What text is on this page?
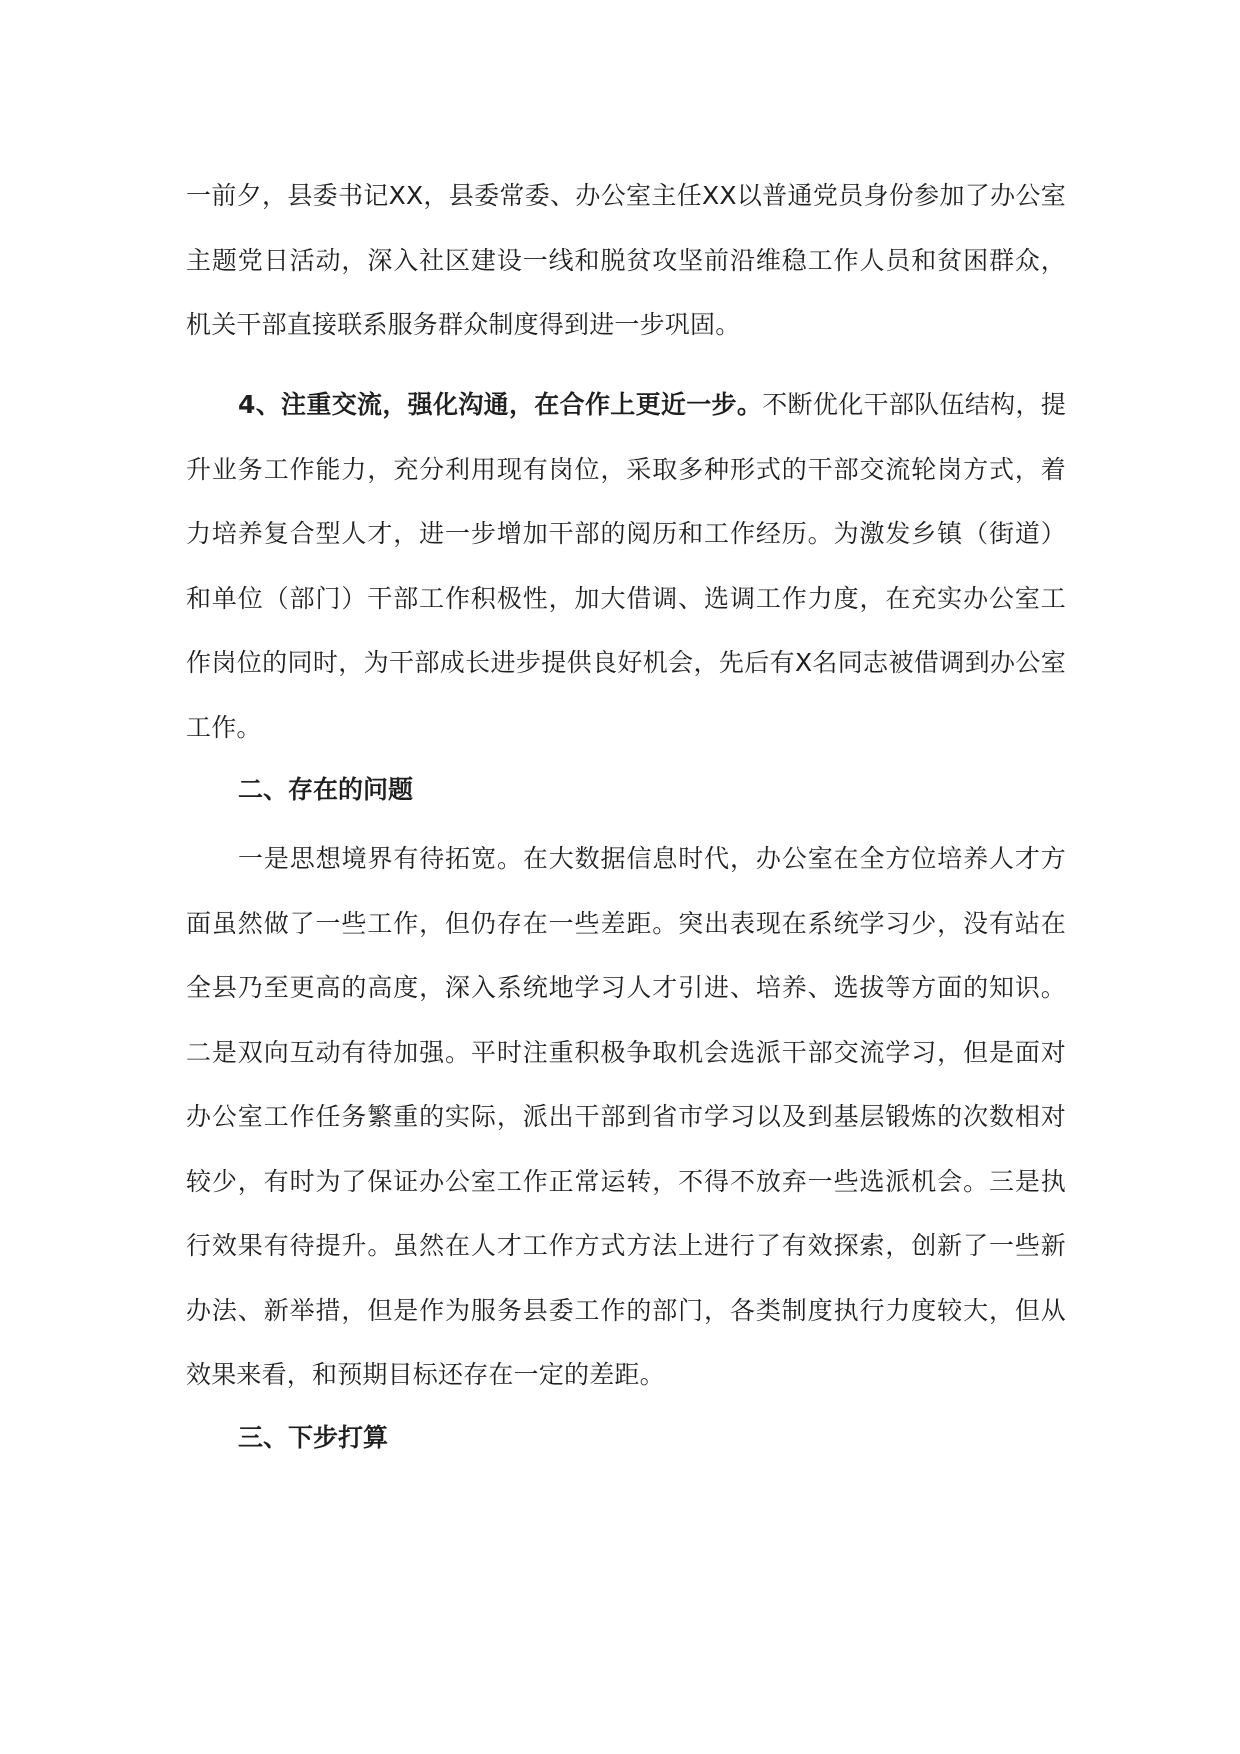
一前夕，县委书记XX，县委常委、办公室主任XX以普通党员身份参加了办公室主题党日活动，深入社区建设一线和脱贫攻坚前沿维稳工作人员和贫困群众，机关干部直接联系服务群众制度得到进一步巩固。

4、注重交流，强化沟通，在合作上更近一步。不断优化干部队伍结构，提升业务工作能力，充分利用现有岗位，采取多种形式的干部交流轮岗方式，着力培养复合型人才，进一步增加干部的阅历和工作经历。为激发乡镇（街道）和单位（部门）干部工作积极性，加大借调、选调工作力度，在充实办公室工作岗位的同时，为干部成长进步提供良好机会，先后有X名同志被借调到办公室工作。

二、存在的问题

一是思想境界有待拓宽。在大数据信息时代，办公室在全方位培养人才方面虽然做了一些工作，但仍存在一些差距。突出表现在系统学习少，没有站在全县乃至更高的高度，深入系统地学习人才引进、培养、选拔等方面的知识。二是双向互动有待加强。平时注重积极争取机会选派干部交流学习，但是面对办公室工作任务繁重的实际，派出干部到省市学习以及到基层锻炼的次数相对较少，有时为了保证办公室工作正常运转，不得不放弃一些选派机会。三是执行效果有待提升。虽然在人才工作方式方法上进行了有效探索，创新了一些新办法、新举措，但是作为服务县委工作的部门，各类制度执行力度较大，但从效果来看，和预期目标还存在一定的差距。

三、下步打算
